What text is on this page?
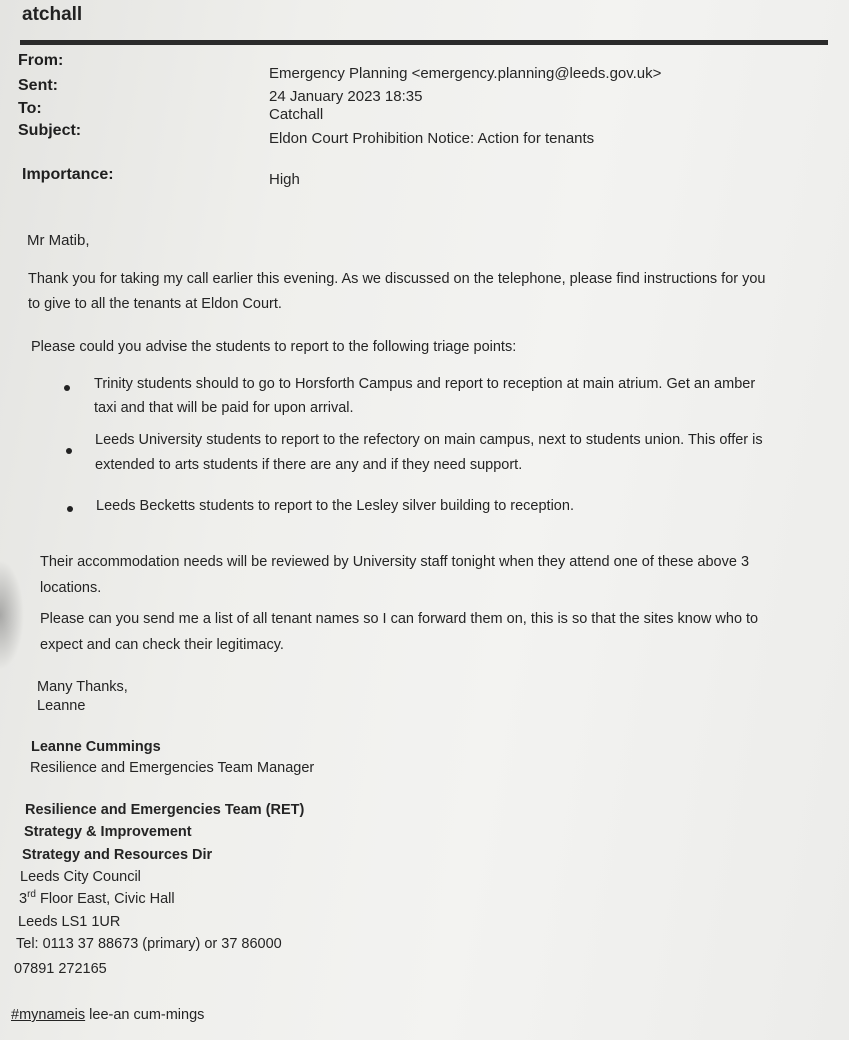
atchall
From:
Sent:
To:
Subject:
Importance:
Emergency Planning <emergency.planning@leeds.gov.uk>
24 January 2023 18:35
Catchall
Eldon Court Prohibition Notice: Action for tenants
High
Mr Matib,
Thank you for taking my call earlier this evening. As we discussed on the telephone, please find instructions for you
to give to all the tenants at Eldon Court.
Please could you advise the students to report to the following triage points:
Trinity students should to go to Horsforth Campus and report to reception at main atrium. Get an amber
taxi and that will be paid for upon arrival.
Leeds University students to report to the refectory on main campus, next to students union. This offer is
extended to arts students if there are any and if they need support.
Leeds Becketts students to report to the Lesley silver building to reception.
Their accommodation needs will be reviewed by University staff tonight when they attend one of these above 3
locations.
Please can you send me a list of all tenant names so I can forward them on, this is so that the sites know who to
expect and can check their legitimacy.
Many Thanks,
Leanne
Leanne Cummings
Resilience and Emergencies Team Manager
Resilience and Emergencies Team (RET)
Strategy & Improvement
Strategy and Resources Dir
Leeds City Council
3rd Floor East, Civic Hall
Leeds LS1 1UR
Tel: 0113 37 88673 (primary) or 37 86000
07891 272165
#mynameis lee-an cum-mings
